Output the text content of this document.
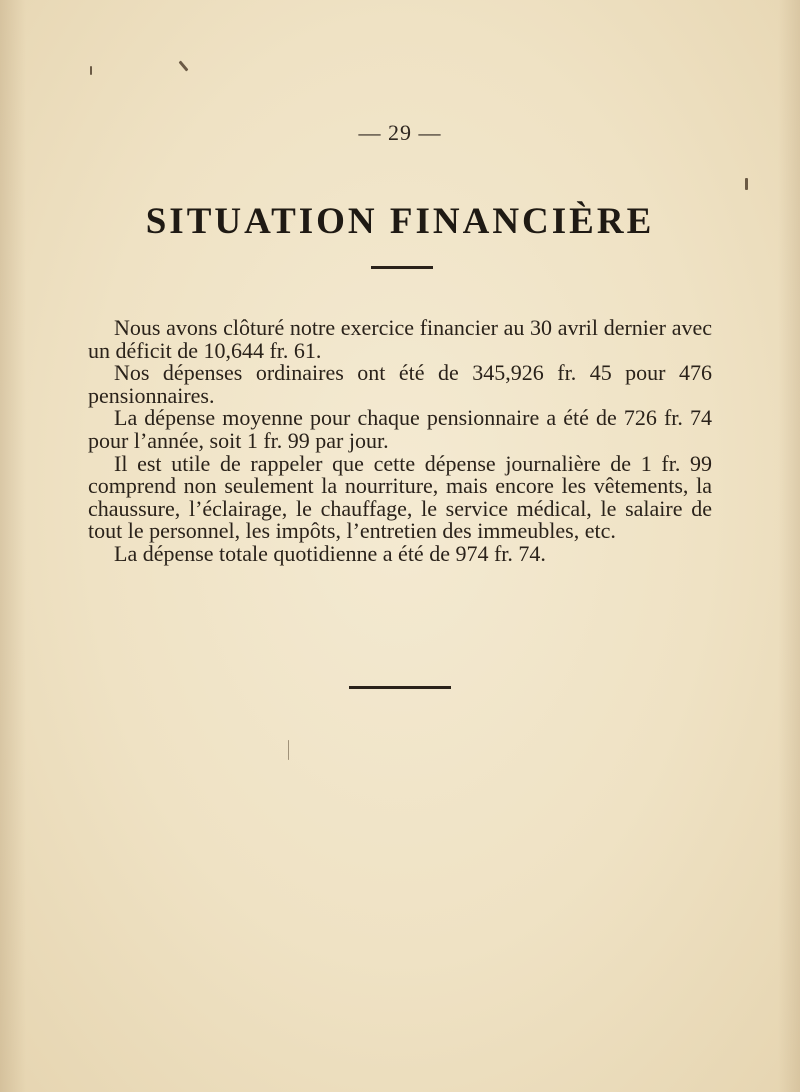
— 29 —
SITUATION FINANCIÈRE

Nous avons clôturé notre exercice financier au 30 avril dernier avec un déficit de 10,644 fr. 61.

Nos dépenses ordinaires ont été de 345,926 fr. 45 pour 476 pensionnaires.

La dépense moyenne pour chaque pensionnaire a été de 726 fr. 74 pour l’année, soit 1 fr. 99 par jour.

Il est utile de rappeler que cette dépense journalière de 1 fr. 99 comprend non seulement la nourriture, mais encore les vêtements, la chaussure, l’éclairage, le chauffage, le service médical, le salaire de tout le personnel, les impôts, l’entretien des immeubles, etc.

La dépense totale quotidienne a été de 974 fr. 74.
